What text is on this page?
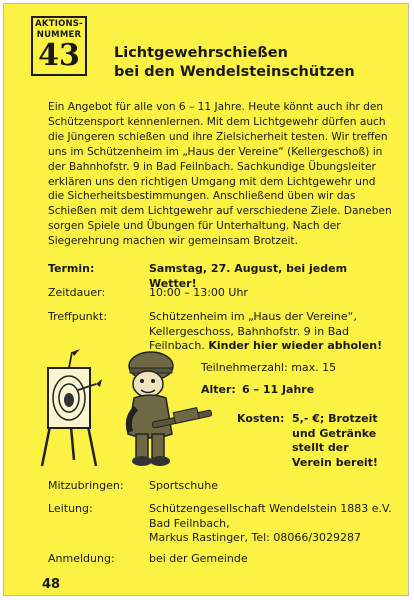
AKTIONS-
NUMMER
43	Lichtgewehrschießen
bei den Wendelsteinschützen

Ein Angebot für alle von 6 – 11 Jahre. Heute könnt auch ihr den Schützensport kennenlernen. Mit dem Lichtgewehr dürfen auch die Jüngeren schießen und ihre Zielsicherheit testen. Wir treffen uns im Schützenheim im „Haus der Vereine“ (Kellergeschoß) in der Bahnhofstr. 9 in Bad Feilnbach. Sachkundige Übungsleiter erklären uns den richtigen Umgang mit dem Lichtgewehr und die Sicherheitsbestimmungen. Anschließend üben wir das Schießen mit dem Lichtgewehr auf verschiedene Ziele. Daneben sorgen Spiele und Übungen für Unterhaltung. Nach der Siegerehrung machen wir gemeinsam Brotzeit.

Termin:	Samstag, 27. August, bei jedem Wetter!
Zeitdauer:	10:00 – 13:00 Uhr
Treffpunkt:	Schützenheim im „Haus der Vereine“,
Kellergeschoss, Bahnhofstr. 9 in Bad
Feilnbach. Kinder hier wieder abholen!
Teilnehmerzahl: max. 15
Alter: 6 – 11 Jahre
Kosten: 5,- €; Brotzeit
und Getränke
stellt der
Verein bereit!
Mitzubringen: Sportschuhe
Leitung:	Schützengesellschaft Wendelstein 1883 e.V.
Bad Feilnbach,
Markus Rastinger, Tel: 08066/3029287
Anmeldung:	bei der Gemeinde
48
